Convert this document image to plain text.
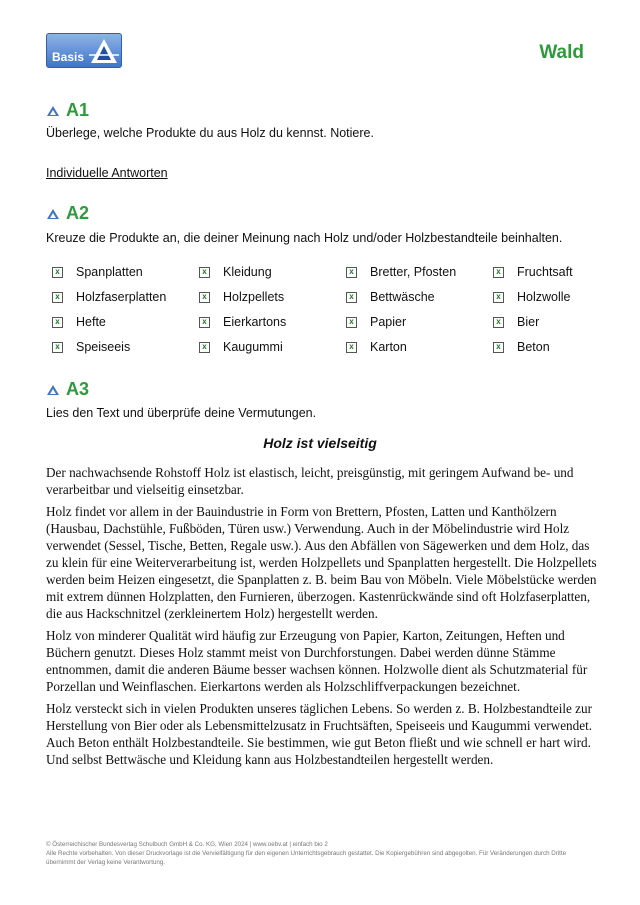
Basis	Wald
A1
Überlege, welche Produkte du aus Holz du kennst. Notiere.
Individuelle Antworten
A2
Kreuze die Produkte an, die deiner Meinung nach Holz und/oder Holzbestandteile beinhalten.
x Spanplatten	x Kleidung	x Bretter, Pfosten	x Fruchtsaft
x Holzfaserplatten	x Holzpellets	x Bettwäsche	x Holzwolle
x Hefte	x Eierkartons	x Papier	x Bier
x Speiseeis	x Kaugummi	x Karton	x Beton
A3
Lies den Text und überprüfe deine Vermutungen.
Holz ist vielseitig

Der nachwachsende Rohstoff Holz ist elastisch, leicht, preisgünstig, mit geringem Aufwand be- und verarbeitbar und vielseitig einsetzbar.

Holz findet vor allem in der Bauindustrie in Form von Brettern, Pfosten, Latten und Kanthölzern (Hausbau, Dachstühle, Fußböden, Türen usw.) Verwendung. Auch in der Möbelindustrie wird Holz verwendet (Sessel, Tische, Betten, Regale usw.). Aus den Abfällen von Sägewerken und dem Holz, das zu klein für eine Weiterverarbeitung ist, werden Holzpellets und Spanplatten hergestellt. Die Holzpellets werden beim Heizen eingesetzt, die Spanplatten z. B. beim Bau von Möbeln. Viele Möbelstücke werden mit extrem dünnen Holzplatten, den Furnieren, überzogen. Kastenrückwände sind oft Holzfaserplatten, die aus Hackschnitzel (zerkleinertem Holz) hergestellt werden.

Holz von minderer Qualität wird häufig zur Erzeugung von Papier, Karton, Zeitungen, Heften und Büchern genutzt. Dieses Holz stammt meist von Durchforstungen. Dabei werden dünne Stämme entnommen, damit die anderen Bäume besser wachsen können. Holzwolle dient als Schutzmaterial für Porzellan und Weinflaschen. Eierkartons werden als Holzschliffverpackungen bezeichnet.

Holz versteckt sich in vielen Produkten unseres täglichen Lebens. So werden z. B. Holzbestandteile zur Herstellung von Bier oder als Lebensmittelzusatz in Fruchtsäften, Speiseeis und Kaugummi verwendet. Auch Beton enthält Holzbestandteile. Sie bestimmen, wie gut Beton fließt und wie schnell er hart wird. Und selbst Bettwäsche und Kleidung kann aus Holzbestandteilen hergestellt werden.

© Österreichischer Bundesverlag Schulbuch GmbH & Co. KG, Wien 2024 | www.oebv.at | einfach bio 2
Alle Rechte vorbehalten. Von dieser Druckvorlage ist die Vervielfältigung für den eigenen Unterrichtsgebrauch gestattet. Die Kopiergebühren sind abgegolten. Für Veränderungen durch Dritte übernimmt der Verlag keine Verantwortung.
